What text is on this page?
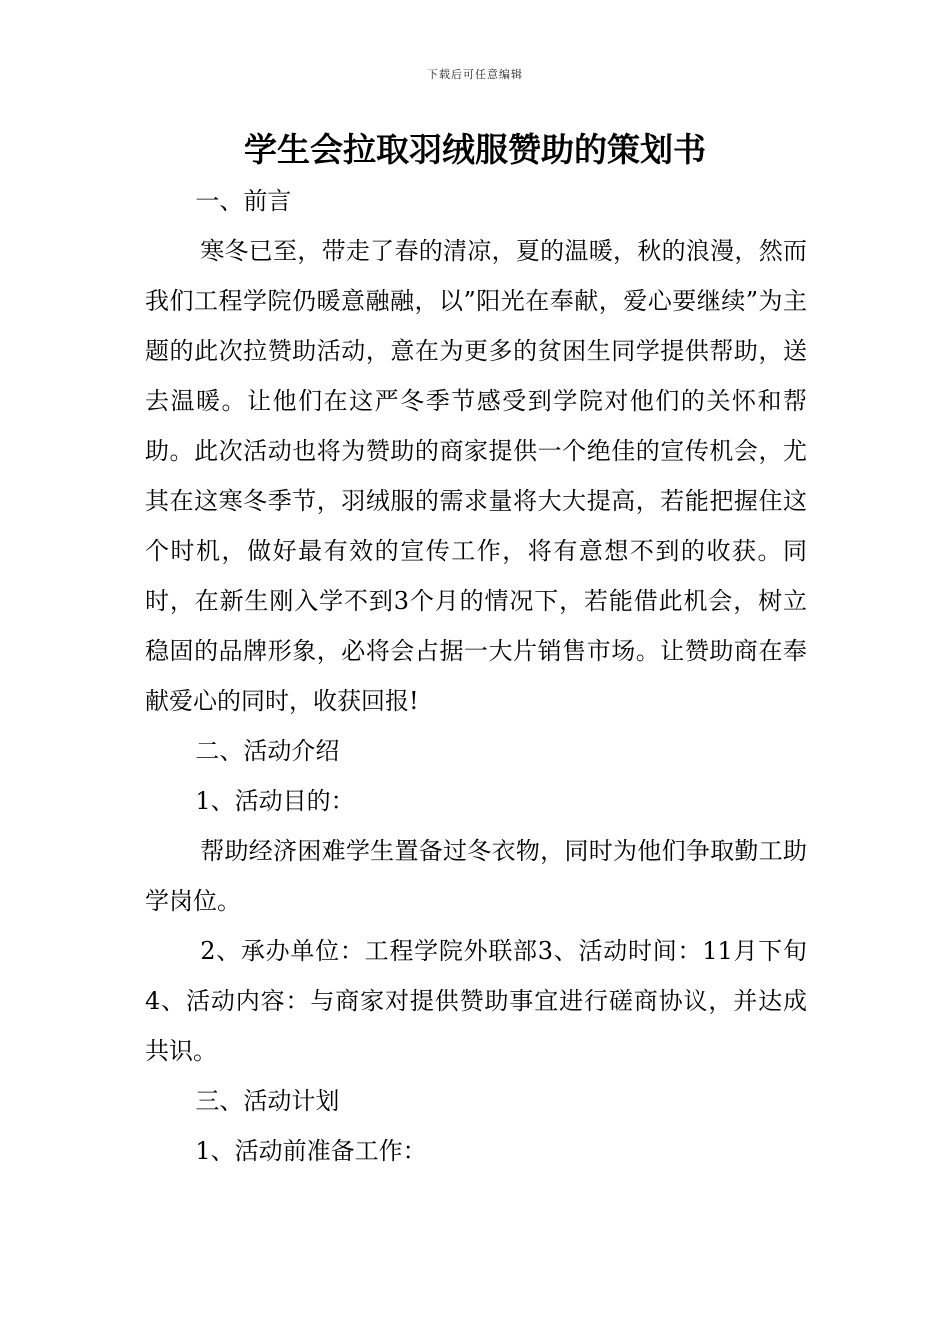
下载后可任意编辑
学生会拉取羽绒服赞助的策划书

一、前言

寒冬已至，带走了春的清凉，夏的温暖，秋的浪漫，然而我们工程学院仍暖意融融，以”阳光在奉献，爱心要继续”为主题的此次拉赞助活动，意在为更多的贫困生同学提供帮助，送去温暖。让他们在这严冬季节感受到学院对他们的关怀和帮助。此次活动也将为赞助的商家提供一个绝佳的宣传机会，尤其在这寒冬季节，羽绒服的需求量将大大提高，若能把握住这个时机，做好最有效的宣传工作，将有意想不到的收获。同时，在新生刚入学不到3个月的情况下，若能借此机会，树立稳固的品牌形象，必将会占据一大片销售市场。让赞助商在奉献爱心的同时，收获回报!

二、活动介绍

1、活动目的：

帮助经济困难学生置备过冬衣物，同时为他们争取勤工助学岗位。

2、承办单位：工程学院外联部3、活动时间：11月下旬4、活动内容：与商家对提供赞助事宜进行磋商协议，并达成共识。

三、活动计划

1、活动前准备工作：
